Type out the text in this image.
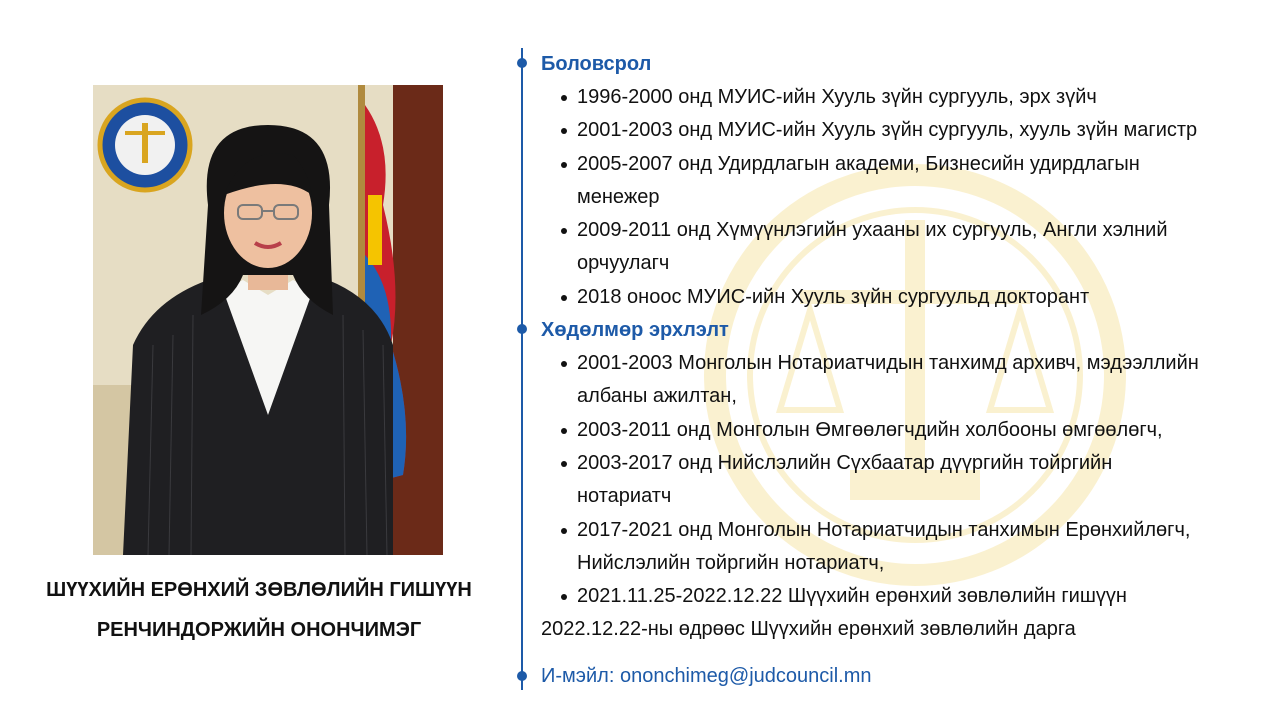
ШҮҮХИЙН ЕРӨНХИЙ ЗӨВЛӨЛИЙН ГИШҮҮН
РЕНЧИНДОРЖИЙН ОНОНЧИМЭГ
Боловсрол
1996-2000 онд МУИС-ийн Хууль зүйн сургууль, эрх зүйч
2001-2003 онд МУИС-ийн Хууль зүйн сургууль, хууль зүйн магистр
2005-2007 онд Удирдлагын академи, Бизнесийн удирдлагын менежер
2009-2011 онд Хүмүүнлэгийн ухааны их сургууль, Англи хэлний орчуулагч
2018 оноос МУИС-ийн Хууль зүйн сургуульд докторант
Хөдөлмөр эрхлэлт
2001-2003 Монголын Нотариатчидын танхимд архивч, мэдээллийн албаны ажилтан,
2003-2011 онд Монголын Өмгөөлөгчдийн холбооны өмгөөлөгч,
2003-2017 онд Нийслэлийн Сүхбаатар дүүргийн тойргийн нотариатч
2017-2021 онд Монголын Нотариатчидын танхимын Ерөнхийлөгч, Нийслэлийн тойргийн нотариатч,
2021.11.25-2022.12.22 Шүүхийн ерөнхий зөвлөлийн гишүүн
2022.12.22-ны өдрөөс Шүүхийн ерөнхий зөвлөлийн дарга
И-мэйл: ononchimeg@judcouncil.mn
